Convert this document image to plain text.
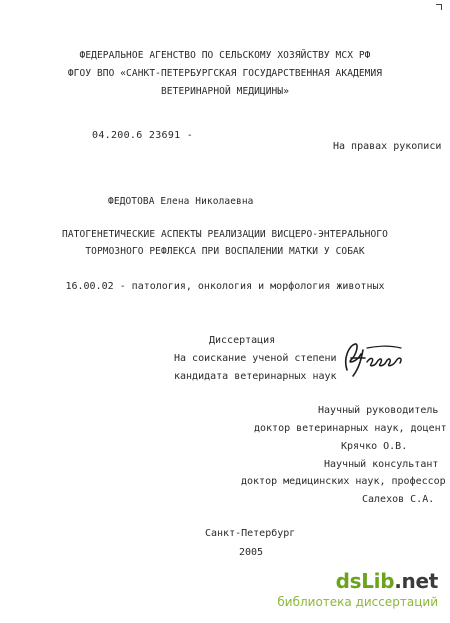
ФЕДЕРАЛЬНОЕ АГЕНСТВО ПО СЕЛЬСКОМУ ХОЗЯЙСТВУ МСХ РФ
ФГОУ ВПО «САНКТ-ПЕТЕРБУРГСКАЯ ГОСУДАРСТВЕННАЯ АКАДЕМИЯ
ВЕТЕРИНАРНОЙ МЕДИЦИНЫ»
04.200.6 23691 -
На правах рукописи
ФЕДОТОВА Елена Николаевна
ПАТОГЕНЕТИЧЕСКИЕ АСПЕКТЫ РЕАЛИЗАЦИИ ВИСЦЕРО-ЭНТЕРАЛЬНОГО
ТОРМОЗНОГО РЕФЛЕКСА ПРИ ВОСПАЛЕНИИ МАТКИ У СОБАК
16.00.02 - патология, онкология и морфология животных
Диссертация
На соискание ученой степени
кандидата ветеринарных наук
Научный руководитель
доктор ветеринарных наук, доцент
Крячко О.В.
Научный консультант
доктор медицинских наук, профессор
Салехов С.А.
Санкт-Петербург
2005
dsLib.net
библиотека диссертаций
